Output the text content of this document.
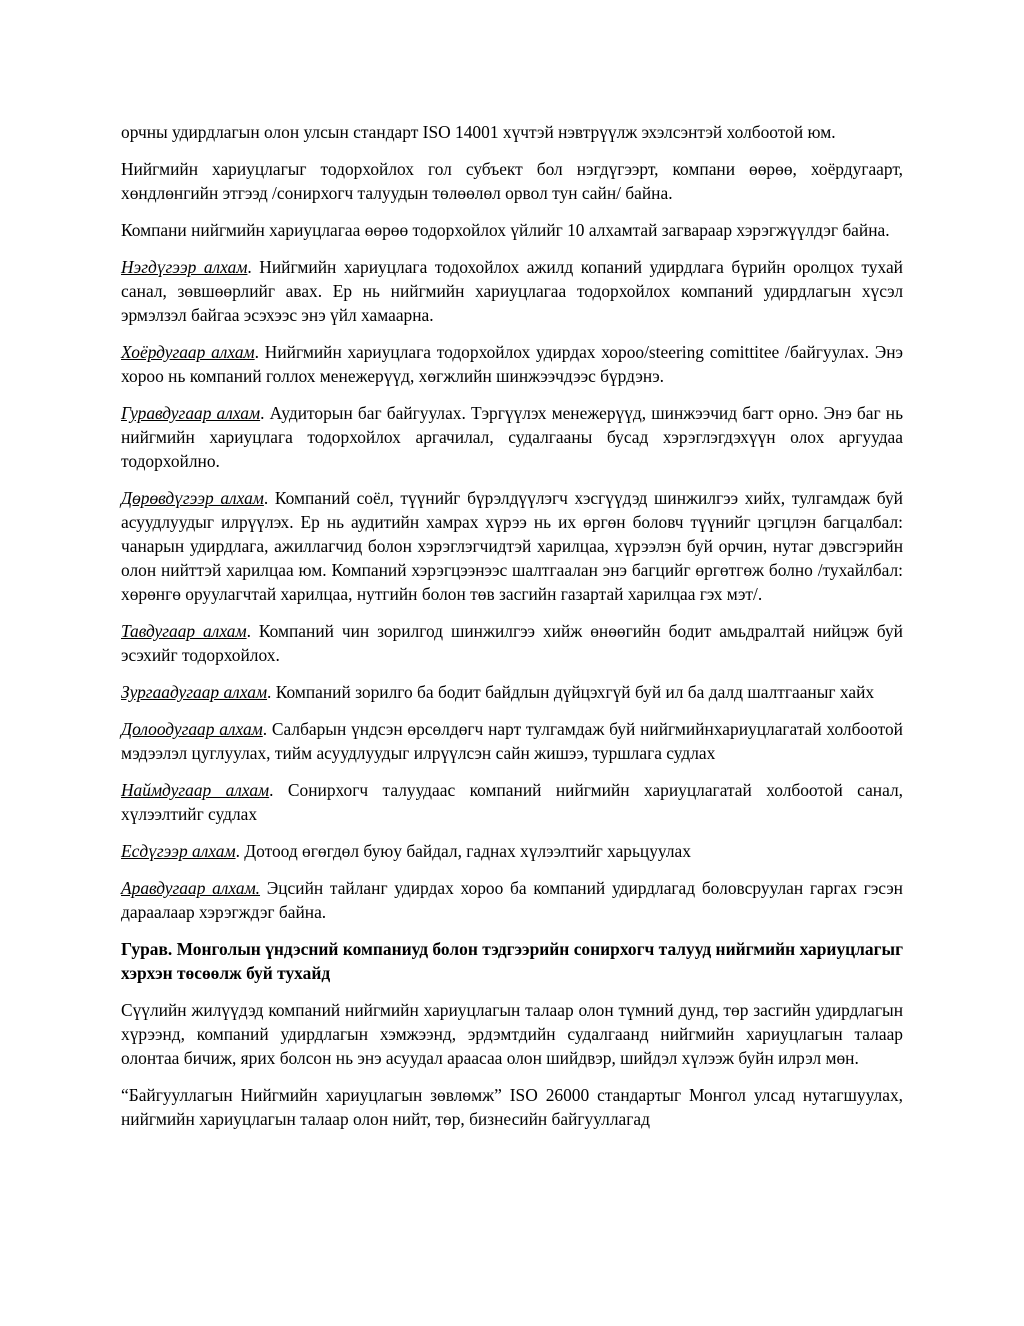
орчны удирдлагын олон улсын стандарт ISO 14001 хүчтэй нэвтрүүлж эхэлсэнтэй холбоотой юм.

Нийгмийн хариуцлагыг тодорхойлох гол субъект бол нэгдүгээрт, компани өөрөө, хоёрдугаарт, хөндлөнгийн этгээд /сонирхогч талуудын төлөөлөл орвол тун сайн/ байна.

Компани нийгмийн хариуцлагаа өөрөө тодорхойлох үйлийг 10 алхамтай загвараар хэрэгжүүлдэг байна.

Нэгдүгээр алхам. Нийгмийн хариуцлага тодохойлох ажилд копаний удирдлага бүрийн оролцох тухай санал, зөвшөөрлийг авах. Ер нь нийгмийн хариуцлагаа тодорхойлох компаний удирдлагын хүсэл эрмэлзэл байгаа эсэхээс энэ үйл хамаарна.

Хоёрдугаар алхам. Нийгмийн хариуцлага тодорхойлох удирдах хороо/steering comittitee /байгуулах. Энэ хороо нь компаний голлох менежерүүд, хөгжлийн шинжээчдээс бүрдэнэ.

Гуравдугаар алхам. Аудиторын баг байгуулах. Тэргүүлэх менежерүүд, шинжээчид багт орно. Энэ баг нь нийгмийн хариуцлага тодорхойлох аргачилал, судалгааны бусад хэрэглэгдэхүүн олох аргуудаа тодорхойлно.

Дөрөвдүгээр алхам. Компаний соёл, түүнийг бүрэлдүүлэгч хэсгүүдэд шинжилгээ хийх, тулгамдаж буй асуудлуудыг илрүүлэх. Ер нь аудитийн хамрах хүрээ нь их өргөн боловч түүнийг цэгцлэн багцалбал: чанарын удирдлага, ажиллагчид болон хэрэглэгчидтэй харилцаа, хүрээлэн буй орчин, нутаг дэвсгэрийн олон нийттэй харилцаа юм. Компаний хэрэгцээнээс шалтгаалан энэ багцийг өргөтгөж болно /тухайлбал: хөрөнгө оруулагчтай харилцаа, нутгийн болон төв засгийн газартай харилцаа гэх мэт/.

Тавдугаар алхам. Компаний чин зорилгод шинжилгээ хийж өнөөгийн бодит амьдралтай нийцэж буй эсэхийг тодорхойлох.

Зургаадугаар алхам. Компаний зорилго ба бодит байдлын дүйцэхгүй буй ил ба далд шалтгааныг хайх

Долоодугаар алхам. Салбарын үндсэн өрсөлдөгч нарт тулгамдаж буй нийгмийнхариуцлагатай холбоотой мэдээлэл цуглуулах, тийм асуудлуудыг илрүүлсэн сайн жишээ, туршлага судлах

Наймдугаар алхам. Сонирхогч талуудаас компаний нийгмийн хариуцлагатай холбоотой санал, хүлээлтийг судлах

Есдүгээр алхам. Дотоод өгөгдөл буюу байдал, гаднах хүлээлтийг харьцуулах

Аравдугаар алхам. Эцсийн тайланг удирдах хороо ба компаний удирдлагад боловсруулан гаргах гэсэн дараалаар хэрэгждэг байна.

Гурав. Монголын үндэсний компаниуд болон тэдгээрийн сонирхогч талууд нийгмийн хариуцлагыг хэрхэн төсөөлж буй тухайд

Сүүлийн жилүүдэд компаний нийгмийн хариуцлагын талаар олон түмний дунд, төр засгийн удирдлагын хүрээнд, компаний удирдлагын хэмжээнд, эрдэмтдийн судалгаанд нийгмийн хариуцлагын талаар олонтаа бичиж, ярих болсон нь энэ асуудал араасаа олон шийдвэр, шийдэл хүлээж буйн илрэл мөн.

“Байгууллагын Нийгмийн хариуцлагын зөвлөмж” ISO 26000 стандартыг Монгол улсад нутагшуулах, нийгмийн хариуцлагын талаар олон нийт, төр, бизнесийн байгууллагад
